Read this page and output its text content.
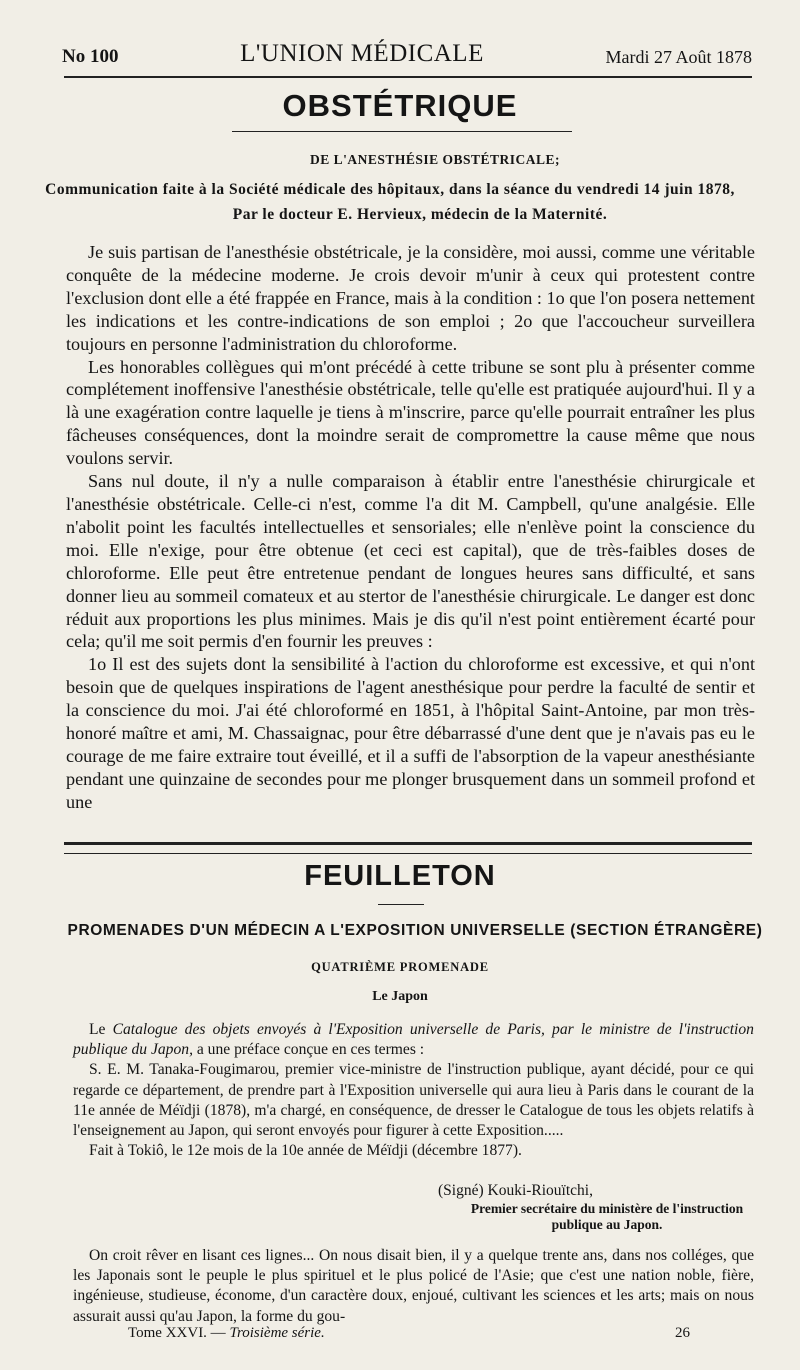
No 100	L'UNION MÉDICALE	Mardi 27 Août 1878
OBSTÉTRIQUE
DE L'ANESTHÉSIE OBSTÉTRICALE;
Communication faite à la Société médicale des hôpitaux, dans la séance du vendredi 14 juin 1878,
Par le docteur E. Hervieux, médecin de la Maternité.

Je suis partisan de l'anesthésie obstétricale, je la considère, moi aussi, comme une véritable conquête de la médecine moderne. Je crois devoir m'unir à ceux qui protestent contre l'exclusion dont elle a été frappée en France, mais à la condition : 1o que l'on posera nettement les indications et les contre-indications de son emploi ; 2o que l'accoucheur surveillera toujours en personne l'administration du chloroforme.

Les honorables collègues qui m'ont précédé à cette tribune se sont plu à présenter comme complétement inoffensive l'anesthésie obstétricale, telle qu'elle est pratiquée aujourd'hui. Il y a là une exagération contre laquelle je tiens à m'inscrire, parce qu'elle pourrait entraîner les plus fâcheuses conséquences, dont la moindre serait de compromettre la cause même que nous voulons servir.

Sans nul doute, il n'y a nulle comparaison à établir entre l'anesthésie chirurgicale et l'anesthésie obstétricale. Celle-ci n'est, comme l'a dit M. Campbell, qu'une analgésie. Elle n'abolit point les facultés intellectuelles et sensoriales; elle n'enlève point la conscience du moi. Elle n'exige, pour être obtenue (et ceci est capital), que de très-faibles doses de chloroforme. Elle peut être entretenue pendant de longues heures sans difficulté, et sans donner lieu au sommeil comateux et au stertor de l'anesthésie chirurgicale. Le danger est donc réduit aux proportions les plus minimes. Mais je dis qu'il n'est point entièrement écarté pour cela; qu'il me soit permis d'en fournir les preuves :

1o Il est des sujets dont la sensibilité à l'action du chloroforme est excessive, et qui n'ont besoin que de quelques inspirations de l'agent anesthésique pour perdre la faculté de sentir et la conscience du moi. J'ai été chloroformé en 1851, à l'hôpital Saint-Antoine, par mon très-honoré maître et ami, M. Chassaignac, pour être débarrassé d'une dent que je n'avais pas eu le courage de me faire extraire tout éveillé, et il a suffi de l'absorption de la vapeur anesthésiante pendant une quinzaine de secondes pour me plonger brusquement dans un sommeil profond et une

FEUILLETON
PROMENADES D'UN MÉDECIN A L'EXPOSITION UNIVERSELLE (SECTION ÉTRANGÈRE)
QUATRIÈME PROMENADE
Le Japon

Le Catalogue des objets envoyés à l'Exposition universelle de Paris, par le ministre de l'instruction publique du Japon, a une préface conçue en ces termes :

S. E. M. Tanaka-Fougimarou, premier vice-ministre de l'instruction publique, ayant décidé, pour ce qui regarde ce département, de prendre part à l'Exposition universelle qui aura lieu à Paris dans le courant de la 11e année de Méïdji (1878), m'a chargé, en conséquence, de dresser le Catalogue de tous les objets relatifs à l'enseignement au Japon, qui seront envoyés pour figurer à cette Exposition.....

Fait à Tokiô, le 12e mois de la 10e année de Méïdji (décembre 1877).

(Signé) Kouki-Riouïtchi,
Premier secrétaire du ministère de l'instruction publique au Japon.

On croit rêver en lisant ces lignes... On nous disait bien, il y a quelque trente ans, dans nos colléges, que les Japonais sont le peuple le plus spirituel et le plus policé de l'Asie; que c'est une nation noble, fière, ingénieuse, studieuse, économe, d'un caractère doux, enjoué, cultivant les sciences et les arts; mais on nous assurait aussi qu'au Japon, la forme du gou-

Tome XXVI. — Troisième série.	26
